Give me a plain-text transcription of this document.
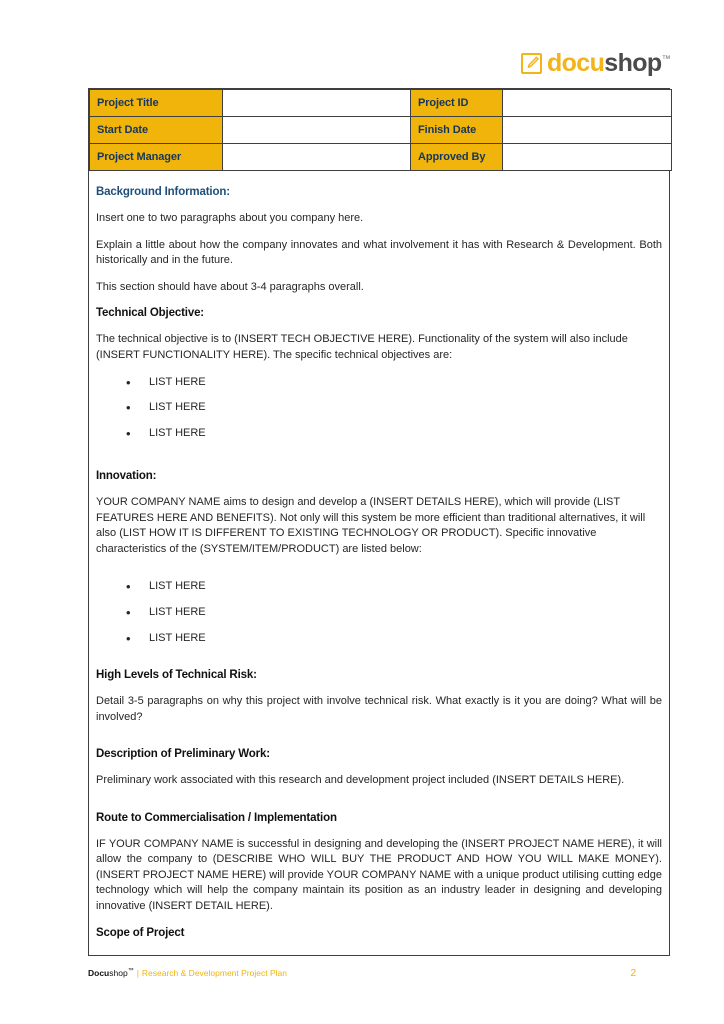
docushop™
Project Title		Project ID	
Start Date		Finish Date	
Project Manager		Approved By	
Background Information:

Insert one to two paragraphs about you company here.

Explain a little about how the company innovates and what involvement it has with Research & Development. Both historically and in the future.

This section should have about 3-4 paragraphs overall.

Technical Objective:

The technical objective is to (INSERT TECH OBJECTIVE HERE). Functionality of the system will also include (INSERT FUNCTIONALITY HERE). The specific technical objectives are:

• LIST HERE
• LIST HERE
• LIST HERE
Innovation:

YOUR COMPANY NAME aims to design and develop a (INSERT DETAILS HERE), which will provide (LIST FEATURES HERE AND BENEFITS). Not only will this system be more efficient than traditional alternatives, it will also (LIST HOW IT IS DIFFERENT TO EXISTING TECHNOLOGY OR PRODUCT). Specific innovative characteristics of the (SYSTEM/ITEM/PRODUCT) are listed below:

• LIST HERE
• LIST HERE
• LIST HERE
High Levels of Technical Risk:

Detail 3-5 paragraphs on why this project with involve technical risk. What exactly is it you are doing? What will be involved?

Description of Preliminary Work:

Preliminary work associated with this research and development project included (INSERT DETAILS HERE).

Route to Commercialisation / Implementation

IF YOUR COMPANY NAME is successful in designing and developing the (INSERT PROJECT NAME HERE), it will allow the company to (DESCRIBE WHO WILL BUY THE PRODUCT AND HOW YOU WILL MAKE MONEY). (INSERT PROJECT NAME HERE) will provide YOUR COMPANY NAME with a unique product utilising cutting edge technology which will help the company maintain its position as an industry leader in designing and developing innovative (INSERT DETAIL HERE).

Scope of Project
Docushop™ | Research & Development Project Plan	2
